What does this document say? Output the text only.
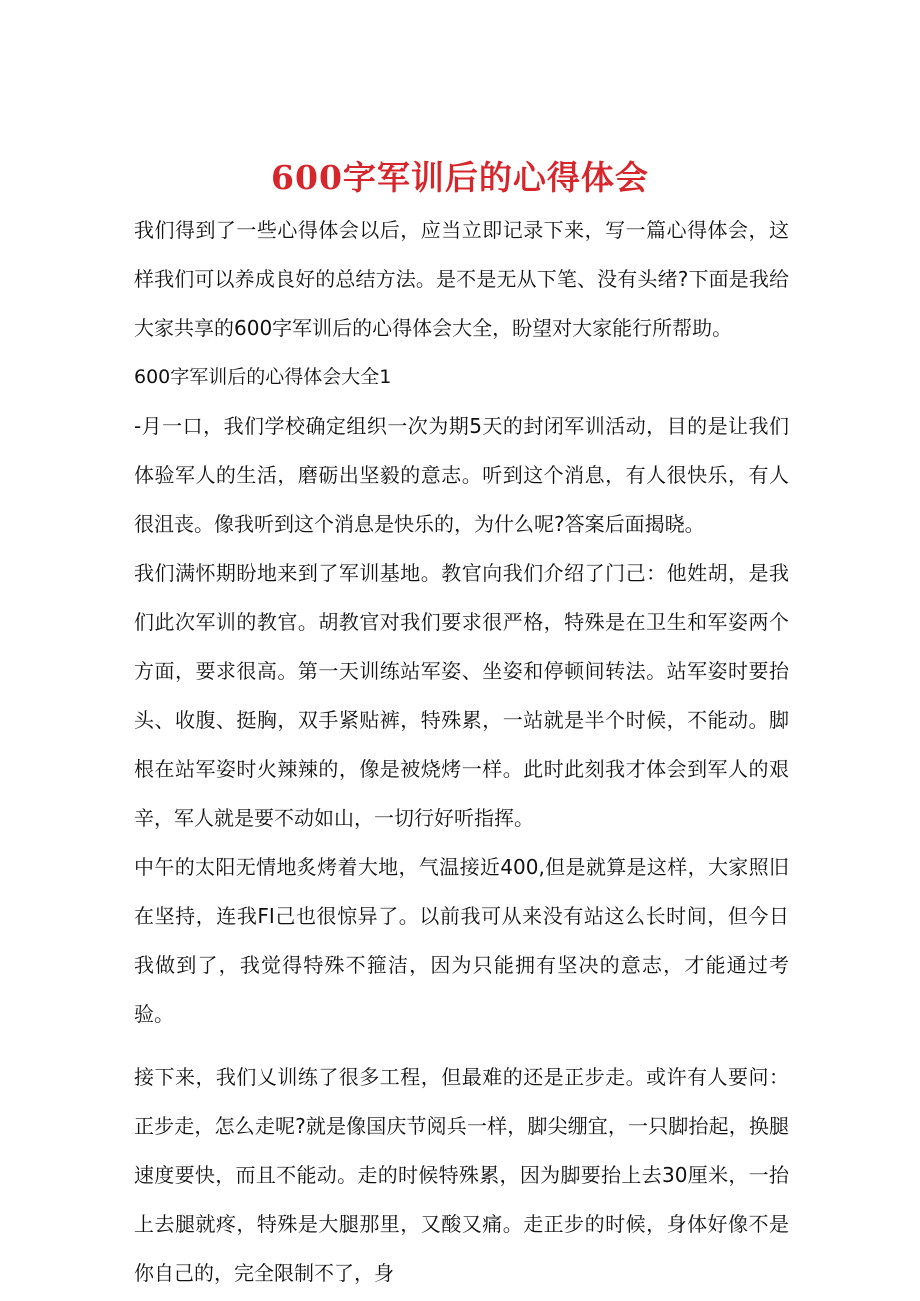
600字军训后的心得体会

我们得到了一些心得体会以后，应当立即记录下来，写一篇心得体会，这样我们可以养成良好的总结方法。是不是无从下笔、没有头绪?下面是我给大家共享的600字军训后的心得体会大全，盼望对大家能行所帮助。

600字军训后的心得体会大全1

-月一口，我们学校确定组织一次为期5天的封闭军训活动，目的是让我们体验军人的生活，磨砺出坚毅的意志。听到这个消息，有人很快乐，有人很沮丧。像我听到这个消息是快乐的，为什么呢?答案后面揭晓。

我们满怀期盼地来到了军训基地。教官向我们介绍了门己：他姓胡，是我们此次军训的教官。胡教官对我们要求很严格，特殊是在卫生和军姿两个方面，要求很高。第一天训练站军姿、坐姿和停顿间转法。站军姿时要抬头、收腹、挺胸，双手紧贴裤，特殊累，一站就是半个时候，不能动。脚根在站军姿时火辣辣的，像是被烧烤一样。此时此刻我才体会到军人的艰辛，军人就是要不动如山，一切行好听指挥。

中午的太阳无情地炙烤着大地，气温接近400,但是就算是这样，大家照旧在坚持，连我FI己也很惊异了。以前我可从来没有站这么长时间，但今日我做到了，我觉得特殊不箍洁，因为只能拥有坚决的意志，才能通过考验。

接下来，我们乂训练了很多工程，但最难的还是正步走。或许有人要问：正步走，怎么走呢?就是像国庆节阅兵一样，脚尖绷宜，一只脚抬起，换腿速度要快，而且不能动。走的时候特殊累，因为脚要抬上去30厘米，一抬上去腿就疼，特殊是大腿那里，又酸又痛。走正步的时候，身体好像不是你自己的，完全限制不了，身
